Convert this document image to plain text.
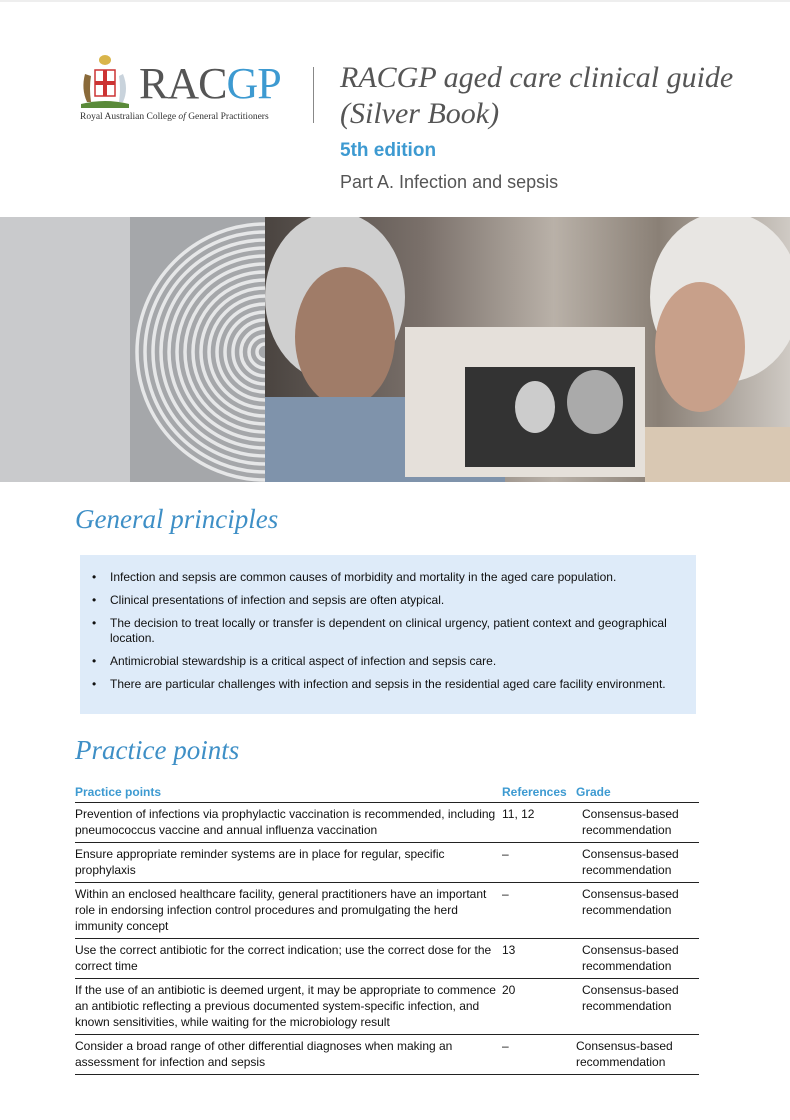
RACGP
Royal Australian College of General Practitioners
RACGP aged care clinical guide (Silver Book)
5th edition
Part A. Infection and sepsis
General principles
• Infection and sepsis are common causes of morbidity and mortality in the aged care population.
• Clinical presentations of infection and sepsis are often atypical.
• The decision to treat locally or transfer is dependent on clinical urgency, patient context and geographical location.
• Antimicrobial stewardship is a critical aspect of infection and sepsis care.
• There are particular challenges with infection and sepsis in the residential aged care facility environment.
Practice points
Practice points	References	Grade
Prevention of infections via prophylactic vaccination is recommended, including pneumococcus vaccine and annual influenza vaccination	11, 12	Consensus-based recommendation
Ensure appropriate reminder systems are in place for regular, specific prophylaxis	–	Consensus-based recommendation
Within an enclosed healthcare facility, general practitioners have an important role in endorsing infection control procedures and promulgating the herd immunity concept	–	Consensus-based recommendation
Use the correct antibiotic for the correct indication; use the correct dose for the correct time	13	Consensus-based recommendation
If the use of an antibiotic is deemed urgent, it may be appropriate to commence an antibiotic reflecting a previous documented system-specific infection, and known sensitivities, while waiting for the microbiology result	20	Consensus-based recommendation
Consider a broad range of other differential diagnoses when making an assessment for infection and sepsis	–	Consensus-based recommendation
